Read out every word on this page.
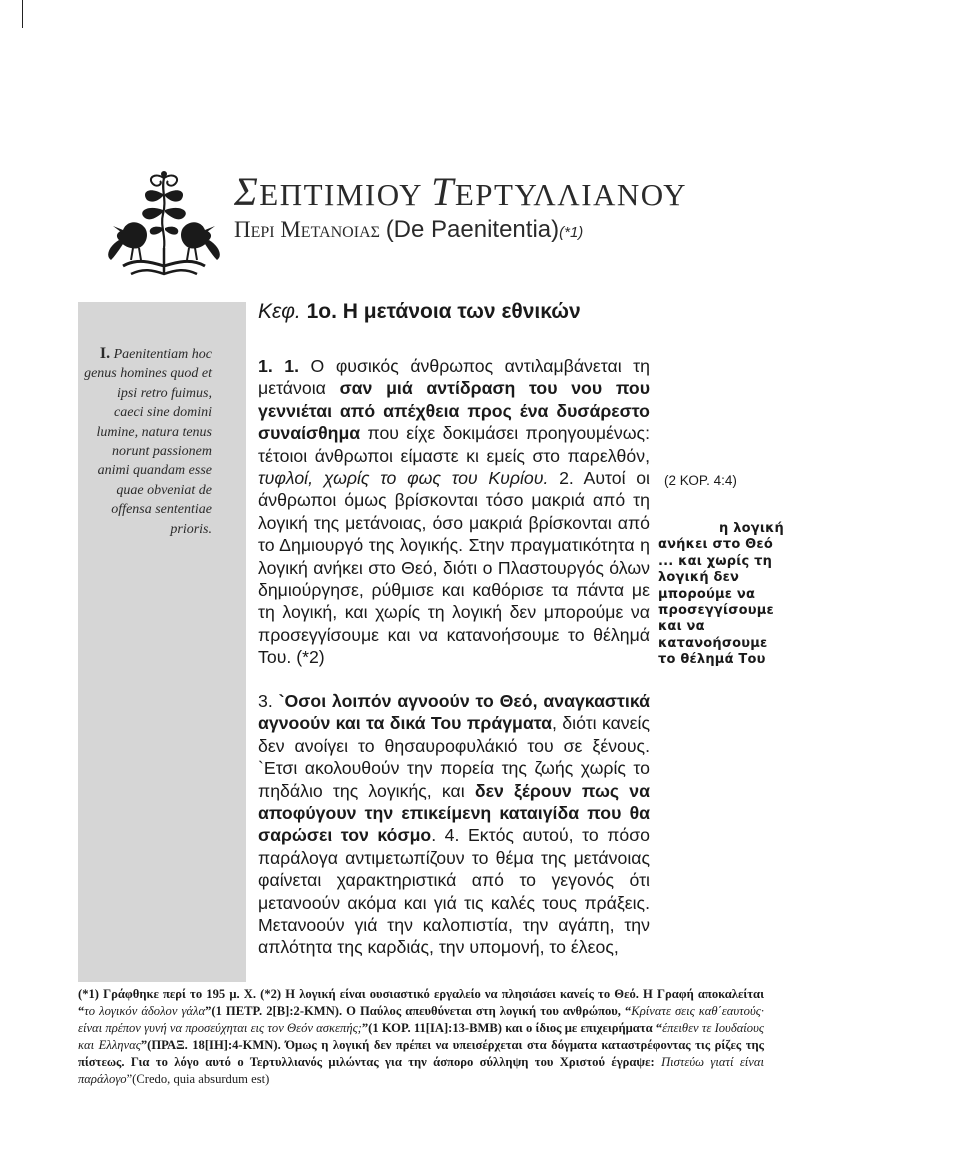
ΣΕΠΤΙΜΙΟΥ ΤΕΡΤΥΛΛΙΑΝΟΥ
Περι Μετανοιας (De Paenitentia)(*1)
I. Paenitentiam hoc genus homines quod et ipsi retro fuimus, caeci sine domini lumine, natura tenus norunt passionem animi quandam esse quae obveniat de offensa sententiae prioris.
Κεφ. 1ο. Η μετάνοια των εθνικών
1. 1. Ο φυσικός άνθρωπος αντιλαμβάνεται τη μετάνοια σαν μιά αντίδραση του νου που γεννιέται από απέχθεια προς ένα δυσάρεστο συναίσθημα που είχε δοκιμάσει προηγουμένως: τέτοιοι άνθρωποι είμαστε κι εμείς στο παρελθόν, τυφλοί, χωρίς το φως του Κυρίου. 2. Αυτοί οι άνθρωποι όμως βρίσκονται τόσο μακριά από τη λογική της μετάνοιας, όσο μακριά βρίσκονται από το Δημιουργό της λογικής. Στην πραγματικότητα η λογική ανήκει στο Θεό, διότι ο Πλαστουργός όλων δημιούργησε, ρύθμισε και καθόρισε τα πάντα με τη λογική, και χωρίς τη λογική δεν μπορούμε να προσεγγίσουμε και να κατανοήσουμε το θέλημά Του. (*2)
3. `Οσοι λοιπόν αγνοούν το Θεό, αναγκαστικά αγνοούν και τα δικά Του πράγματα, διότι κανείς δεν ανοίγει το θησαυροφυλάκιό του σε ξένους. `Ετσι ακολουθούν την πορεία της ζωής χωρίς το πηδάλιο της λογικής, και δεν ξέρουν πως να αποφύγουν την επικείμενη καταιγίδα που θα σαρώσει τον κόσμο. 4. Εκτός αυτού, το πόσο παράλογα αντιμετωπίζουν το θέμα της μετάνοιας φαίνεται χαρακτηριστικά από το γεγονός ότι μετανοούν ακόμα και γιά τις καλές τους πράξεις. Μετανοούν γιά την καλοπιστία, την αγάπη, την απλότητα της καρδιάς, την υπομονή, το έλεος,
(2 ΚΟΡ. 4:4)
η λογική
ανήκει στο Θεό ... και χωρίς τη λογική δεν μπορούμε να προσεγγίσουμε και να κατανοήσουμε το θέλημά Του
(*1) Γράφθηκε περί το 195 μ. Χ. (*2) Η λογική είναι ουσιαστικό εργαλείο να πλησιάσει κανείς το Θεό. Η Γραφή αποκαλείται “το λογικόν άδολον γάλα”(1 ΠΕΤΡ. 2[Β]:2-ΚΜΝ). Ο Παύλος απευθύνεται στη λογική του ανθρώπου, “Κρίνατε σεις καθ΄εαυτούς· είναι πρέπον γυνή να προσεύχηται εις τον Θεόν ασκεπής;”(1 ΚΟΡ. 11[ΙΑ]:13-ΒΜΒ) και ο ίδιος με επιχειρήματα “έπειθεν τε Ιουδαίους και Ελληνας”(ΠΡΑΞ. 18[ΙΗ]:4-ΚΜΝ). Όμως η λογική δεν πρέπει να υπεισέρχεται στα δόγματα καταστρέφοντας τις ρίζες της πίστεως. Για το λόγο αυτό ο Τερτυλλιανός μιλώντας για την άσπορο σύλληψη του Χριστού έγραψε: Πιστεύω γιατί είναι παράλογο”(Credo, quia absurdum est)
